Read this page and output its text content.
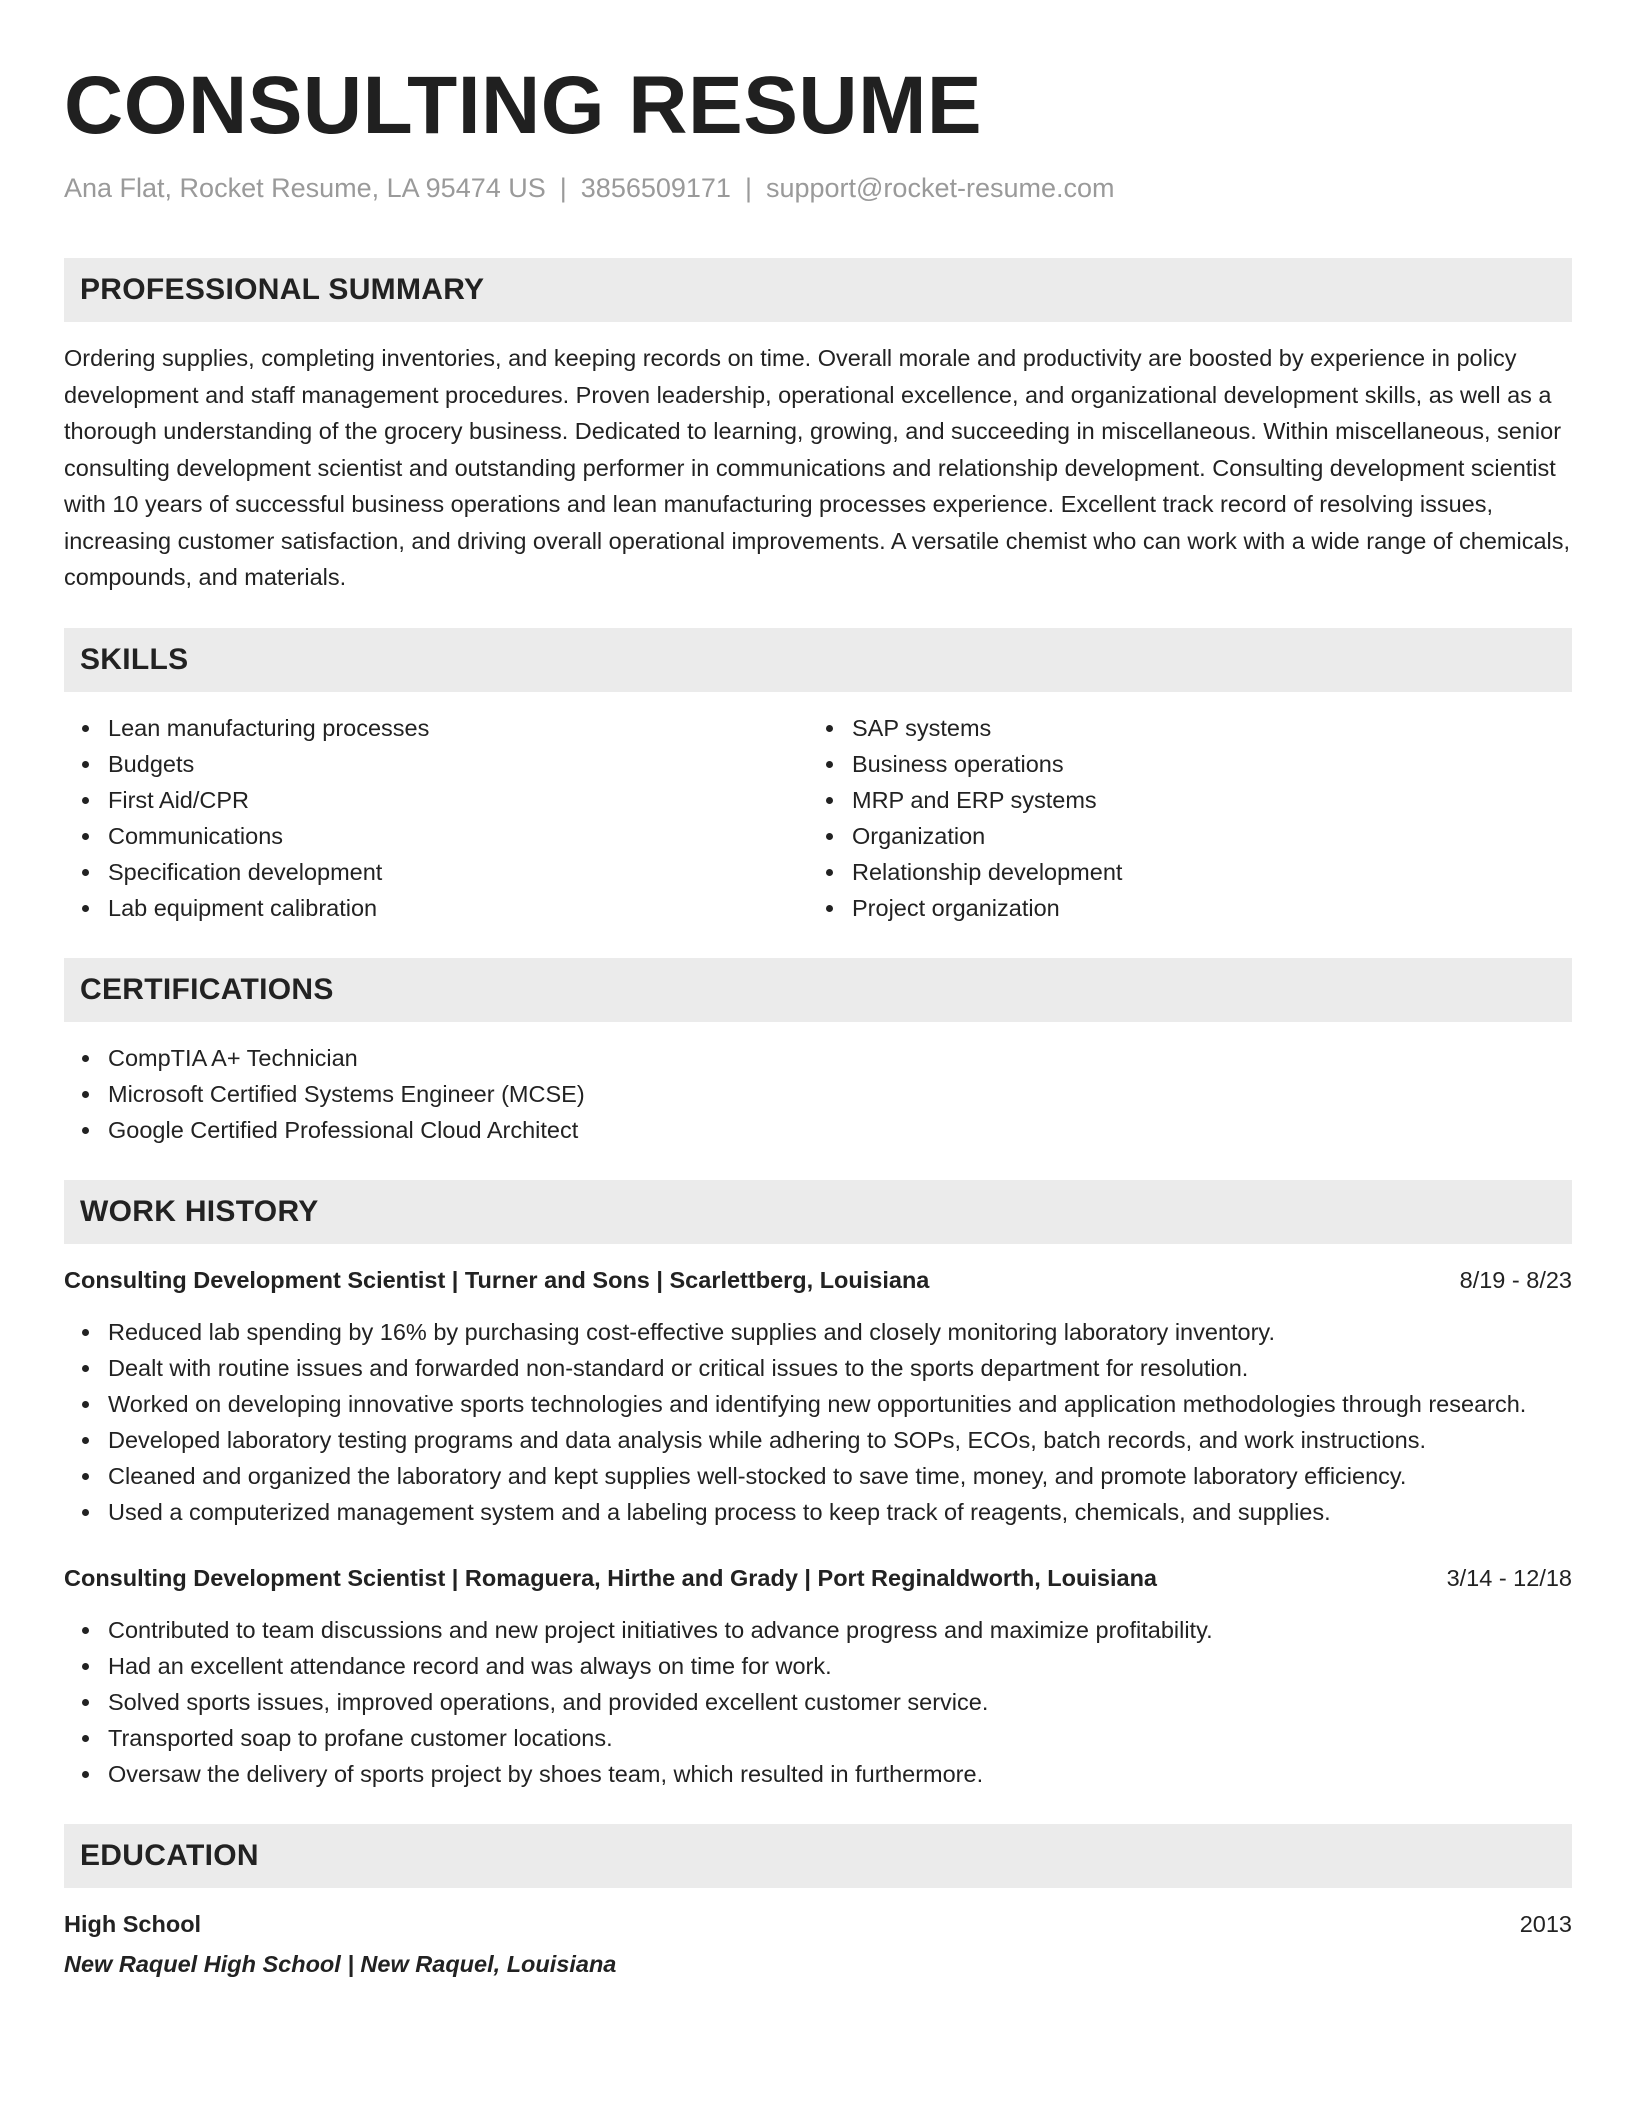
CONSULTING RESUME
Ana Flat, Rocket Resume, LA 95474 US | 3856509171 | support@rocket-resume.com
PROFESSIONAL SUMMARY

Ordering supplies, completing inventories, and keeping records on time. Overall morale and productivity are boosted by experience in policy development and staff management procedures. Proven leadership, operational excellence, and organizational development skills, as well as a thorough understanding of the grocery business. Dedicated to learning, growing, and succeeding in miscellaneous. Within miscellaneous, senior consulting development scientist and outstanding performer in communications and relationship development. Consulting development scientist with 10 years of successful business operations and lean manufacturing processes experience. Excellent track record of resolving issues, increasing customer satisfaction, and driving overall operational improvements. A versatile chemist who can work with a wide range of chemicals, compounds, and materials.

SKILLS
Lean manufacturing processes
Budgets
First Aid/CPR
Communications
Specification development
Lab equipment calibration
SAP systems
Business operations
MRP and ERP systems
Organization
Relationship development
Project organization
CERTIFICATIONS
CompTIA A+ Technician
Microsoft Certified Systems Engineer (MCSE)
Google Certified Professional Cloud Architect
WORK HISTORY
Consulting Development Scientist | Turner and Sons | Scarlettberg, Louisiana	8/19 - 8/23
Reduced lab spending by 16% by purchasing cost-effective supplies and closely monitoring laboratory inventory.
Dealt with routine issues and forwarded non-standard or critical issues to the sports department for resolution.
Worked on developing innovative sports technologies and identifying new opportunities and application methodologies through research.
Developed laboratory testing programs and data analysis while adhering to SOPs, ECOs, batch records, and work instructions.
Cleaned and organized the laboratory and kept supplies well-stocked to save time, money, and promote laboratory efficiency.
Used a computerized management system and a labeling process to keep track of reagents, chemicals, and supplies.
Consulting Development Scientist | Romaguera, Hirthe and Grady | Port Reginaldworth, Louisiana	3/14 - 12/18
Contributed to team discussions and new project initiatives to advance progress and maximize profitability.
Had an excellent attendance record and was always on time for work.
Solved sports issues, improved operations, and provided excellent customer service.
Transported soap to profane customer locations.
Oversaw the delivery of sports project by shoes team, which resulted in furthermore.
EDUCATION
High School	2013
New Raquel High School | New Raquel, Louisiana
